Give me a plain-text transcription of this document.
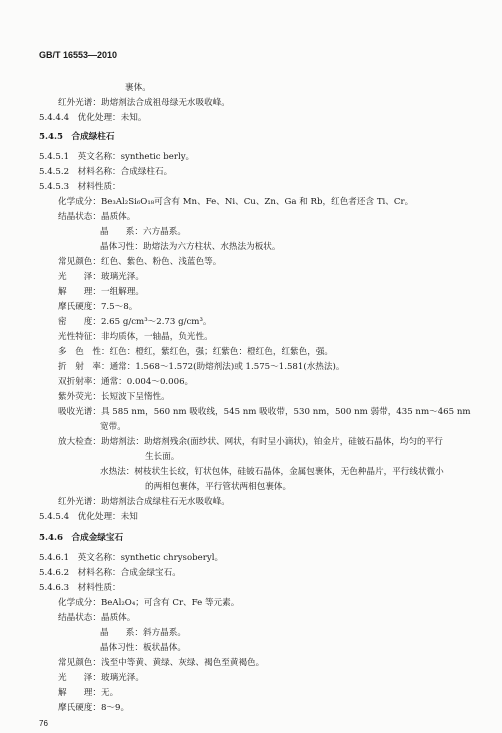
GB/T 16553—2010
裹体。
红外光谱：助熔剂法合成祖母绿无水吸收峰。
5.4.4.4　优化处理：未知。
5.4.5　合成绿柱石
5.4.5.1　英文名称：synthetic berly。
5.4.5.2　材料名称：合成绿柱石。
5.4.5.3　材料性质：
化学成分：Be₃Al₂Si₆O₁₈可含有 Mn、Fe、Ni、Cu、Zn、Ga 和 Rb，红色者还含 Ti、Cr。
结晶状态：晶质体。
晶　　系：六方晶系。
晶体习性：助熔法为六方柱状、水热法为板状。
常见颜色：红色、紫色、粉色、浅蓝色等。
光　　泽：玻璃光泽。
解　　理：一组解理。
摩氏硬度：7.5～8。
密　　度：2.65 g/cm³～2.73 g/cm³。
光性特征：非均质体，一轴晶，负光性。
多　色　性：红色：橙红，紫红色，强；红紫色：橙红色，红紫色，强。
折　射　率：通常：1.568～1.572(助熔剂法)或 1.575～1.581(水热法)。
双折射率：通常：0.004～0.006。
紫外荧光：长短波下呈惰性。
吸收光谱：具 585 nm，560 nm 吸收线，545 nm 吸收带，530 nm，500 nm 弱带，435 nm～465 nm
宽带。
放大检查：助熔剂法：助熔剂残余(面纱状、网状，有时呈小滴状)，铂金片，硅铍石晶体，均匀的平行
生长面。
水热法：树枝状生长纹，钉状包体，硅铍石晶体，金属包裹体，无色种晶片，平行线状微小
的两相包裹体，平行管状两相包裹体。
红外光谱：助熔剂法合成绿柱石无水吸收峰。
5.4.5.4　优化处理：未知
5.4.6　合成金绿宝石
5.4.6.1　英文名称：synthetic chrysoberyl。
5.4.6.2　材料名称：合成金绿宝石。
5.4.6.3　材料性质：
化学成分：BeAl₂O₄；可含有 Cr、Fe 等元素。
结晶状态：晶质体。
晶　　系：斜方晶系。
晶体习性：板状晶体。
常见颜色：浅至中等黄、黄绿、灰绿、褐色至黄褐色。
光　　泽：玻璃光泽。
解　　理：无。
摩氏硬度：8～9。
76
